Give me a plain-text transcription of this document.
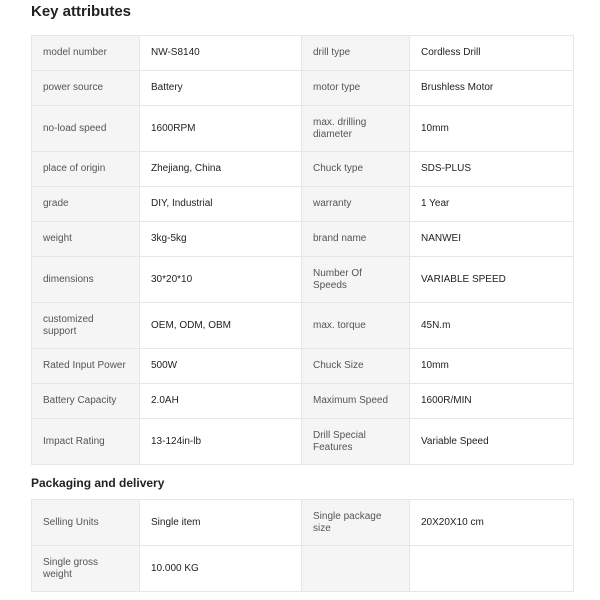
Key attributes
model number	NW-S8140	drill type	Cordless Drill
power source	Battery	motor type	Brushless Motor
no-load speed	1600RPM	max. drilling diameter	10mm
place of origin	Zhejiang, China	Chuck type	SDS-PLUS
grade	DIY, Industrial	warranty	1 Year
weight	3kg-5kg	brand name	NANWEI
dimensions	30*20*10	Number Of Speeds	VARIABLE SPEED
customized support	OEM, ODM, OBM	max. torque	45N.m
Rated Input Power	500W	Chuck Size	10mm
Battery Capacity	2.0AH	Maximum Speed	1600R/MIN
Impact Rating	13-124in-lb	Drill Special Features	Variable Speed
Packaging and delivery
Selling Units	Single item	Single package size	20X20X10 cm
Single gross weight	10.000 KG		
